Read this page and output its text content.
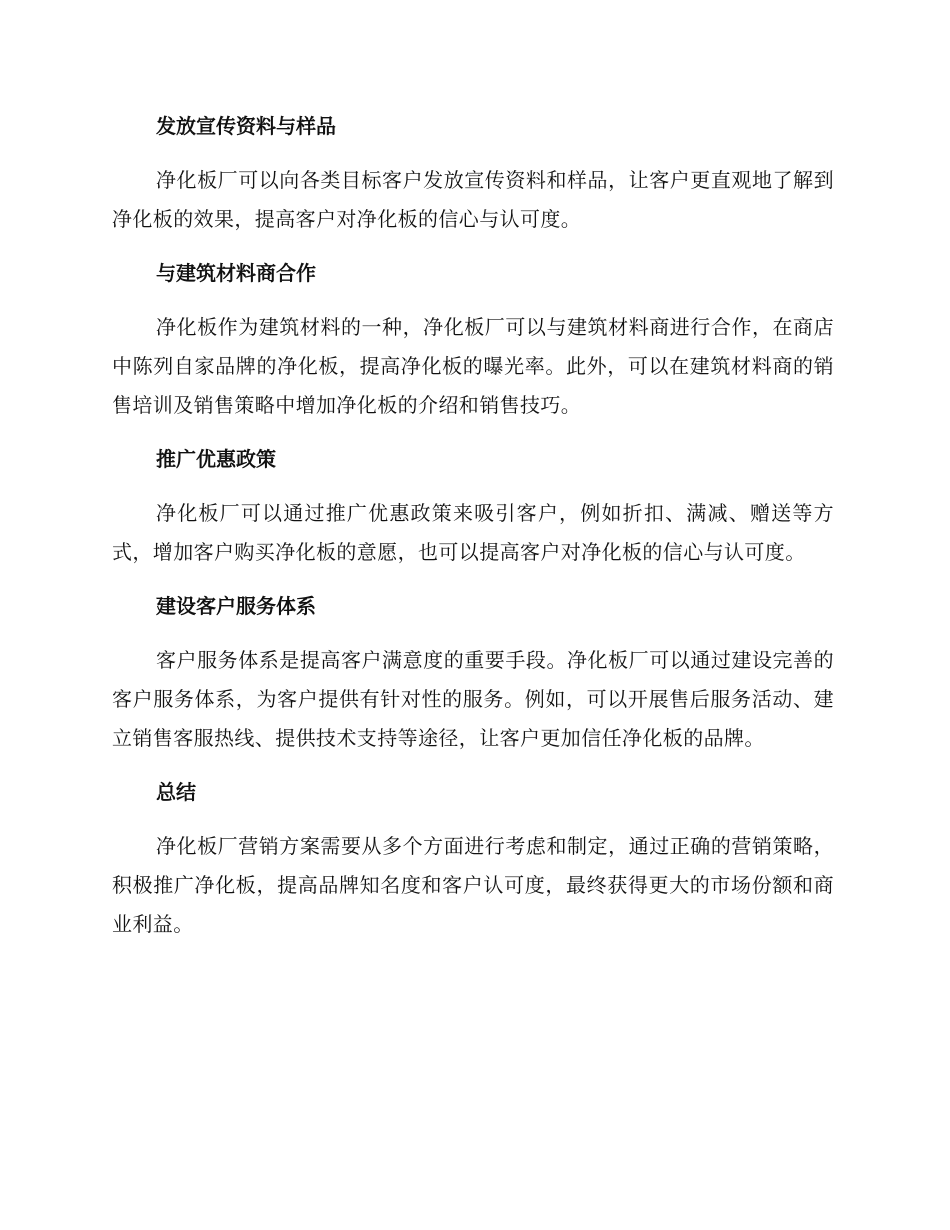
发放宣传资料与样品

净化板厂可以向各类目标客户发放宣传资料和样品，让客户更直观地了解到净化板的效果，提高客户对净化板的信心与认可度。

与建筑材料商合作

净化板作为建筑材料的一种，净化板厂可以与建筑材料商进行合作，在商店中陈列自家品牌的净化板，提高净化板的曝光率。此外，可以在建筑材料商的销售培训及销售策略中增加净化板的介绍和销售技巧。

推广优惠政策

净化板厂可以通过推广优惠政策来吸引客户，例如折扣、满减、赠送等方式，增加客户购买净化板的意愿，也可以提高客户对净化板的信心与认可度。

建设客户服务体系

客户服务体系是提高客户满意度的重要手段。净化板厂可以通过建设完善的客户服务体系，为客户提供有针对性的服务。例如，可以开展售后服务活动、建立销售客服热线、提供技术支持等途径，让客户更加信任净化板的品牌。

总结

净化板厂营销方案需要从多个方面进行考虑和制定，通过正确的营销策略，积极推广净化板，提高品牌知名度和客户认可度，最终获得更大的市场份额和商业利益。
